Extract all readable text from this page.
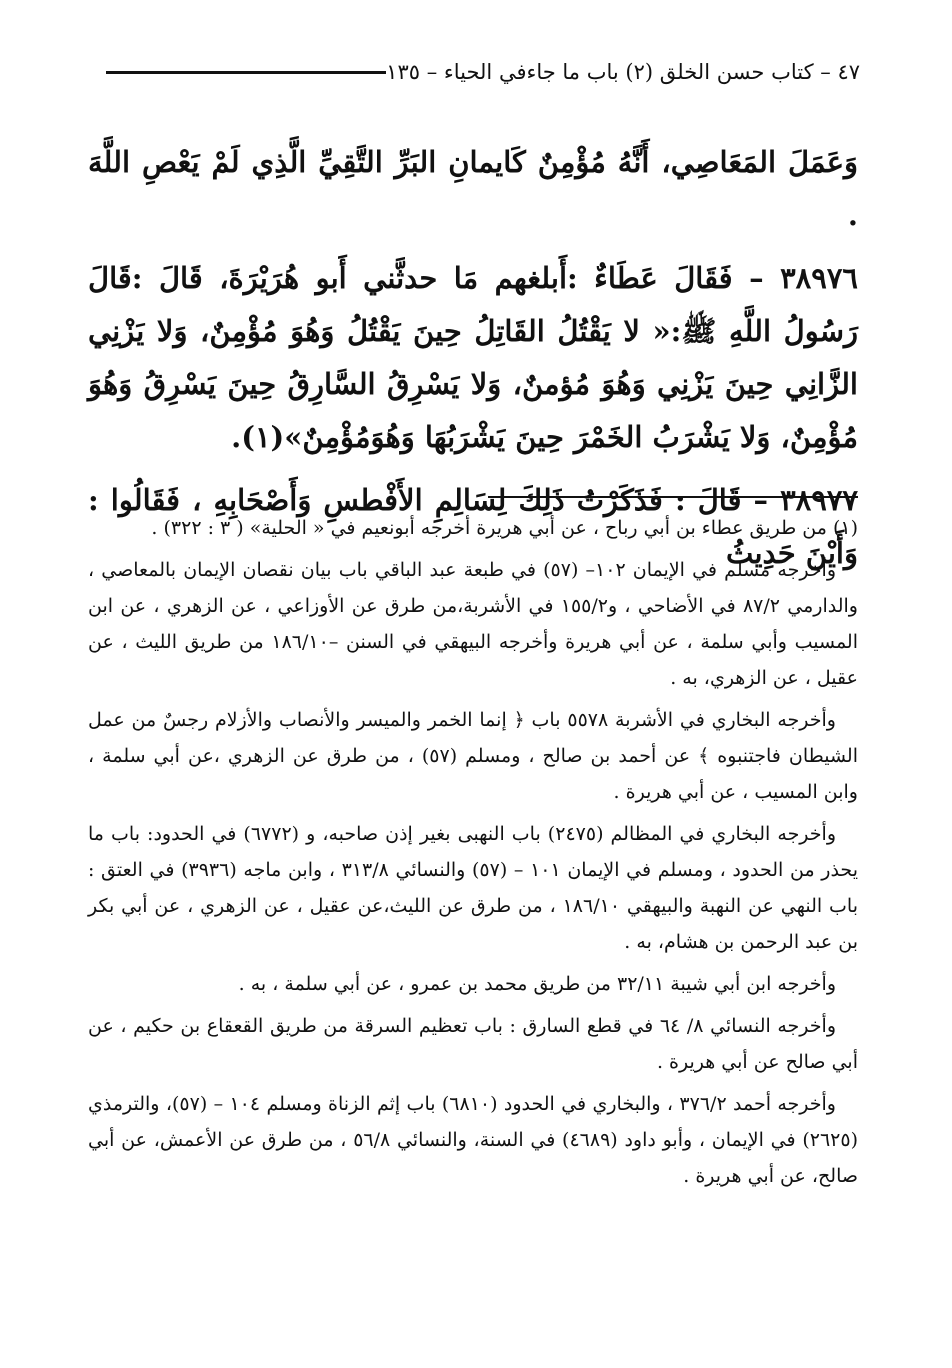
٤٧ – كتاب حسن الخلق (٢) باب ما جاءفي الحياء – ١٣٥

وَعَمَلَ المَعَاصِي، أَنَّهُ مُؤْمِنٌ كَايمانِ البَرِّ التَّقِيِّ الَّذِي لَمْ يَعْصِ اللَّهَ .

٣٨٩٧٦ – فَقَالَ عَطَاءٌ :أَبلغهم مَا حدثَّني أَبو هُرَيْرَةَ، قَالَ :قَالَ رَسُولُ اللَّهِ ﷺ:« لا يَقْتُلُ القَاتِلُ حِينَ يَقْتُلُ وَهُوَ مُؤْمِنٌ، وَلا يَزْنِي الزَّانِي حِينَ يَزْنِي وَهُوَ مُؤمنٌ، وَلا يَسْرِقُ السَّارِقُ حِينَ يَسْرِقُ وَهُوَ مُؤْمِنٌ، وَلا يَشْرَبُ الخَمْرَ حِينَ يَشْرَبُهَا وَهُوَمُؤْمِنٌ»(١).

٣٨٩٧٧ – قَالَ : فَذَكَرْتُ ذَلِكَ لِسَالِمِ الأَفْطسِ وَأَصْحَابِهِ ، فَقَالُوا : وَأَيْنَ حَدِيثُ

(١) من طريق عطاء بن أبي رباح ، عن أبي هريرة أخرجه أبونعيم في « الحلية» ( ٣ : ٣٢٢) .

وأخرجه مسلم في الإيمان ١٠٢– (٥٧) في طبعة عبد الباقي باب بيان نقصان الإيمان بالمعاصي ، والدارمي ٨٧/٢ في الأضاحي ، و١٥٥/٢ في الأشربة،من طرق عن الأوزاعي ، عن الزهري ، عن ابن المسيب وأبي سلمة ، عن أبي هريرة وأخرجه البيهقي في السنن –١٨٦/١٠ من طريق الليث ، عن عقيل ، عن الزهري، به .

وأخرجه البخاري في الأشربة ٥٥٧٨ باب ﴿ إنما الخمر والميسر والأنصاب والأزلام رجسٌ من عمل الشيطان فاجتنبوه ﴾ عن أحمد بن صالح ، ومسلم (٥٧) ، من طرق عن الزهري ،عن أبي سلمة ، وابن المسيب ، عن أبي هريرة .

وأخرجه البخاري في المظالم (٢٤٧٥) باب النهبى بغير إذن صاحبه، و (٦٧٧٢) في الحدود: باب ما يحذر من الحدود ، ومسلم في الإيمان ١٠١ – (٥٧) والنسائي ٣١٣/٨ ، وابن ماجه (٣٩٣٦) في العتق : باب النهي عن النهبة والبيهقي ١٨٦/١٠ ، من طرق عن الليث،عن عقيل ، عن الزهري ، عن أبي بكر بن عبد الرحمن بن هشام، به .

وأخرجه ابن أبي شيبة ٣٢/١١ من طريق محمد بن عمرو ، عن أبي سلمة ، به .

وأخرجه النسائي ٨/ ٦٤ في قطع السارق : باب تعظيم السرقة من طريق القعقاع بن حكيم ، عن أبي صالح عن أبي هريرة .

وأخرجه أحمد ٣٧٦/٢ ، والبخاري في الحدود (٦٨١٠) باب إثم الزناة ومسلم ١٠٤ – (٥٧)، والترمذي (٢٦٢٥) في الإيمان ، وأبو داود (٤٦٨٩) في السنة، والنسائي ٥٦/٨ ، من طرق عن الأعمش، عن أبي صالح، عن أبي هريرة .
